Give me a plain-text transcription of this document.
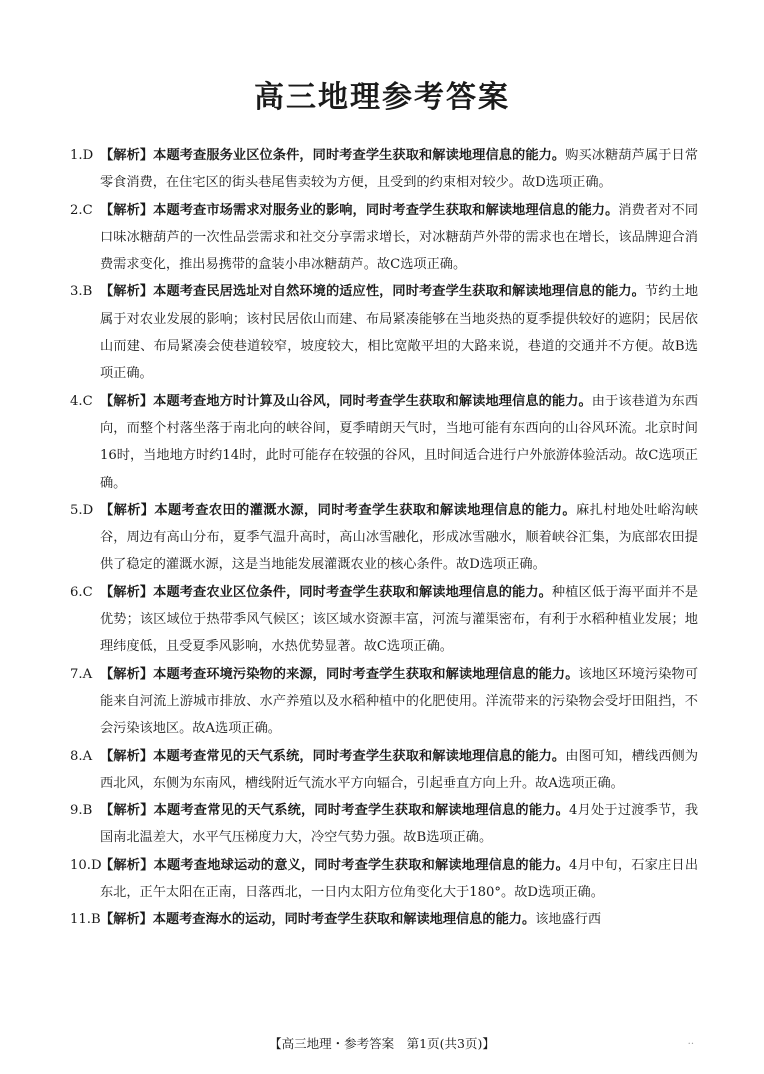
高三地理参考答案
1.D 【解析】本题考查服务业区位条件，同时考查学生获取和解读地理信息的能力。购买冰糖葫芦属于日常零食消费，在住宅区的街头巷尾售卖较为方便，且受到的约束相对较少。故D选项正确。
2.C 【解析】本题考查市场需求对服务业的影响，同时考查学生获取和解读地理信息的能力。消费者对不同口味冰糖葫芦的一次性品尝需求和社交分享需求增长，对冰糖葫芦外带的需求也在增长，该品牌迎合消费需求变化，推出易携带的盒装小串冰糖葫芦。故C选项正确。
3.B 【解析】本题考查民居选址对自然环境的适应性，同时考查学生获取和解读地理信息的能力。节约土地属于对农业发展的影响；该村民居依山而建、布局紧凑能够在当地炎热的夏季提供较好的遮阴；民居依山而建、布局紧凑会使巷道较窄，坡度较大，相比宽敞平坦的大路来说，巷道的交通并不方便。故B选项正确。
4.C 【解析】本题考查地方时计算及山谷风，同时考查学生获取和解读地理信息的能力。由于该巷道为东西向，而整个村落坐落于南北向的峡谷间，夏季晴朗天气时，当地可能有东西向的山谷风环流。北京时间16时，当地地方时约14时，此时可能存在较强的谷风，且时间适合进行户外旅游体验活动。故C选项正确。
5.D 【解析】本题考查农田的灌溉水源，同时考查学生获取和解读地理信息的能力。麻扎村地处吐峪沟峡谷，周边有高山分布，夏季气温升高时，高山冰雪融化，形成冰雪融水，顺着峡谷汇集，为底部农田提供了稳定的灌溉水源，这是当地能发展灌溉农业的核心条件。故D选项正确。
6.C 【解析】本题考查农业区位条件，同时考查学生获取和解读地理信息的能力。种植区低于海平面并不是优势；该区域位于热带季风气候区；该区域水资源丰富，河流与灌渠密布，有利于水稻种植业发展；地理纬度低，且受夏季风影响，水热优势显著。故C选项正确。
7.A 【解析】本题考查环境污染物的来源，同时考查学生获取和解读地理信息的能力。该地区环境污染物可能来自河流上游城市排放、水产养殖以及水稻种植中的化肥使用。洋流带来的污染物会受圩田阻挡，不会污染该地区。故A选项正确。
8.A 【解析】本题考查常见的天气系统，同时考查学生获取和解读地理信息的能力。由图可知，槽线西侧为西北风，东侧为东南风，槽线附近气流水平方向辐合，引起垂直方向上升。故A选项正确。
9.B 【解析】本题考查常见的天气系统，同时考查学生获取和解读地理信息的能力。4月处于过渡季节，我国南北温差大，水平气压梯度力大，冷空气势力强。故B选项正确。
10.D
【解析】本题考查地球运动的意义，同时考查学生获取和解读地理信息的能力。4月中旬，石家庄日出东北，正午太阳在正南，日落西北，一日内太阳方位角变化大于180°。故D选项正确。
11.B 【解析】本题考查海水的运动，同时考查学生获取和解读地理信息的能力。该地盛行西
【高三地理・参考答案　第1页(共3页)】	..
